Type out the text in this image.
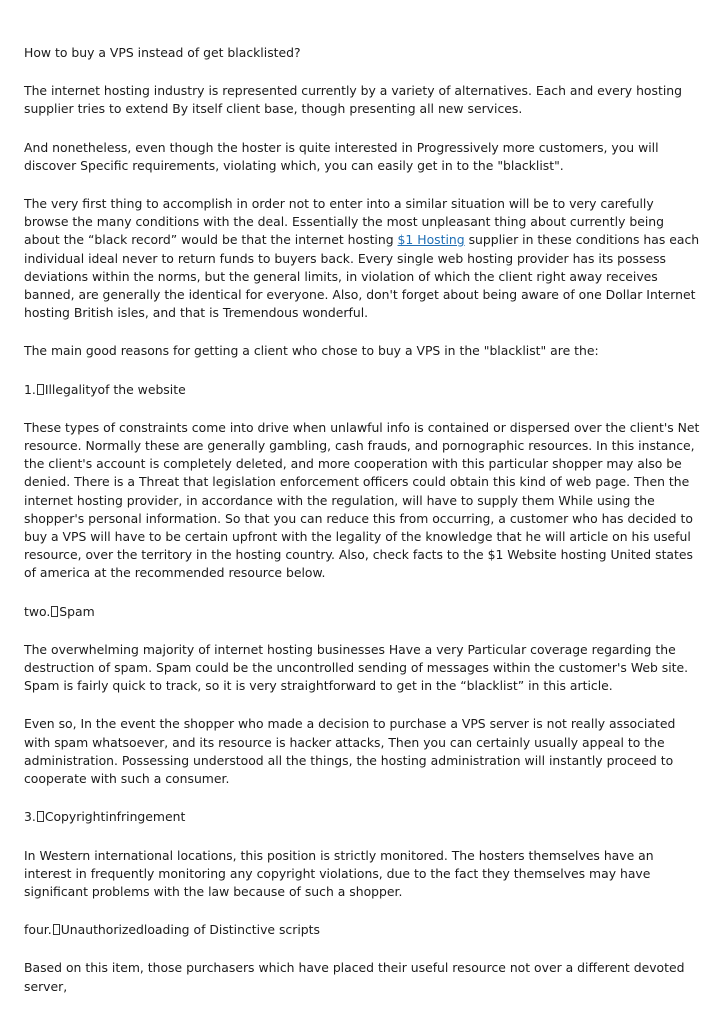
How to buy a VPS instead of get blacklisted?

The internet hosting industry is represented currently by a variety of alternatives. Each and every hosting supplier tries to extend By itself client base, though presenting all new services.

And nonetheless, even though the hoster is quite interested in Progressively more customers, you will discover Specific requirements, violating which, you can easily get in to the "blacklist".

The very first thing to accomplish in order not to enter into a similar situation will be to very carefully browse the many conditions with the deal. Essentially the most unpleasant thing about currently being about the “black record” would be that the internet hosting $1 Hosting supplier in these conditions has each individual ideal never to return funds to buyers back. Every single web hosting provider has its possess deviations within the norms, but the general limits, in violation of which the client right away receives banned, are generally the identical for everyone. Also, don't forget about being aware of one Dollar Internet hosting British isles, and that is Tremendous wonderful.

The main good reasons for getting a client who chose to buy a VPS in the "blacklist" are the:

1. Illegalityof the website

These types of constraints come into drive when unlawful info is contained or dispersed over the client's Net resource. Normally these are generally gambling, cash frauds, and pornographic resources. In this instance, the client's account is completely deleted, and more cooperation with this particular shopper may also be denied. There is a Threat that legislation enforcement officers could obtain this kind of web page. Then the internet hosting provider, in accordance with the regulation, will have to supply them While using the shopper's personal information. So that you can reduce this from occurring, a customer who has decided to buy a VPS will have to be certain upfront with the legality of the knowledge that he will article on his useful resource, over the territory in the hosting country. Also, check facts to the $1 Website hosting United states of america at the recommended resource below.

two. Spam

The overwhelming majority of internet hosting businesses Have a very Particular coverage regarding the destruction of spam. Spam could be the uncontrolled sending of messages within the customer's Web site. Spam is fairly quick to track, so it is very straightforward to get in the “blacklist” in this article.

Even so, In the event the shopper who made a decision to purchase a VPS server is not really associated with spam whatsoever, and its resource is hacker attacks, Then you can certainly usually appeal to the administration. Possessing understood all the things, the hosting administration will instantly proceed to cooperate with such a consumer.

3. Copyrightinfringement

In Western international locations, this position is strictly monitored. The hosters themselves have an interest in frequently monitoring any copyright violations, due to the fact they themselves may have significant problems with the law because of such a shopper.

four. Unauthorizedloading of Distinctive scripts

Based on this item, those purchasers which have placed their useful resource not over a different devoted server,
